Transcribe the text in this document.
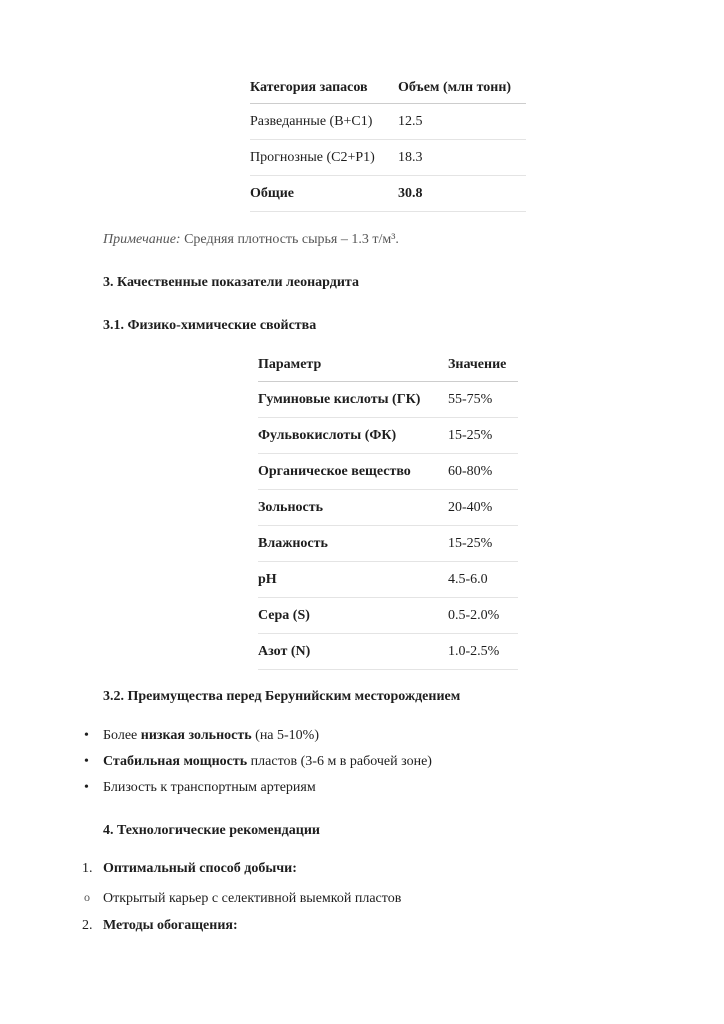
Категория запасов	Объем (млн тонн)
Разведанные (B+C1)	12.5
Прогнозные (C2+P1)	18.3
Общие	30.8
Примечание: Средняя плотность сырья – 1.3 т/м³.
3. Качественные показатели леонардита
3.1. Физико-химические свойства
Параметр	Значение
Гуминовые кислоты (ГК)	55-75%
Фульвокислоты (ФК)	15-25%
Органическое вещество	60-80%
Зольность	20-40%
Влажность	15-25%
pH	4.5-6.0
Сера (S)	0.5-2.0%
Азот (N)	1.0-2.5%
3.2. Преимущества перед Берунийским месторождением
• Более низкая зольность (на 5-10%)
• Стабильная мощность пластов (3-6 м в рабочей зоне)
• Близость к транспортным артериям
4. Технологические рекомендации
1. Оптимальный способ добычи:
o Открытый карьер с селективной выемкой пластов
2. Методы обогащения:
